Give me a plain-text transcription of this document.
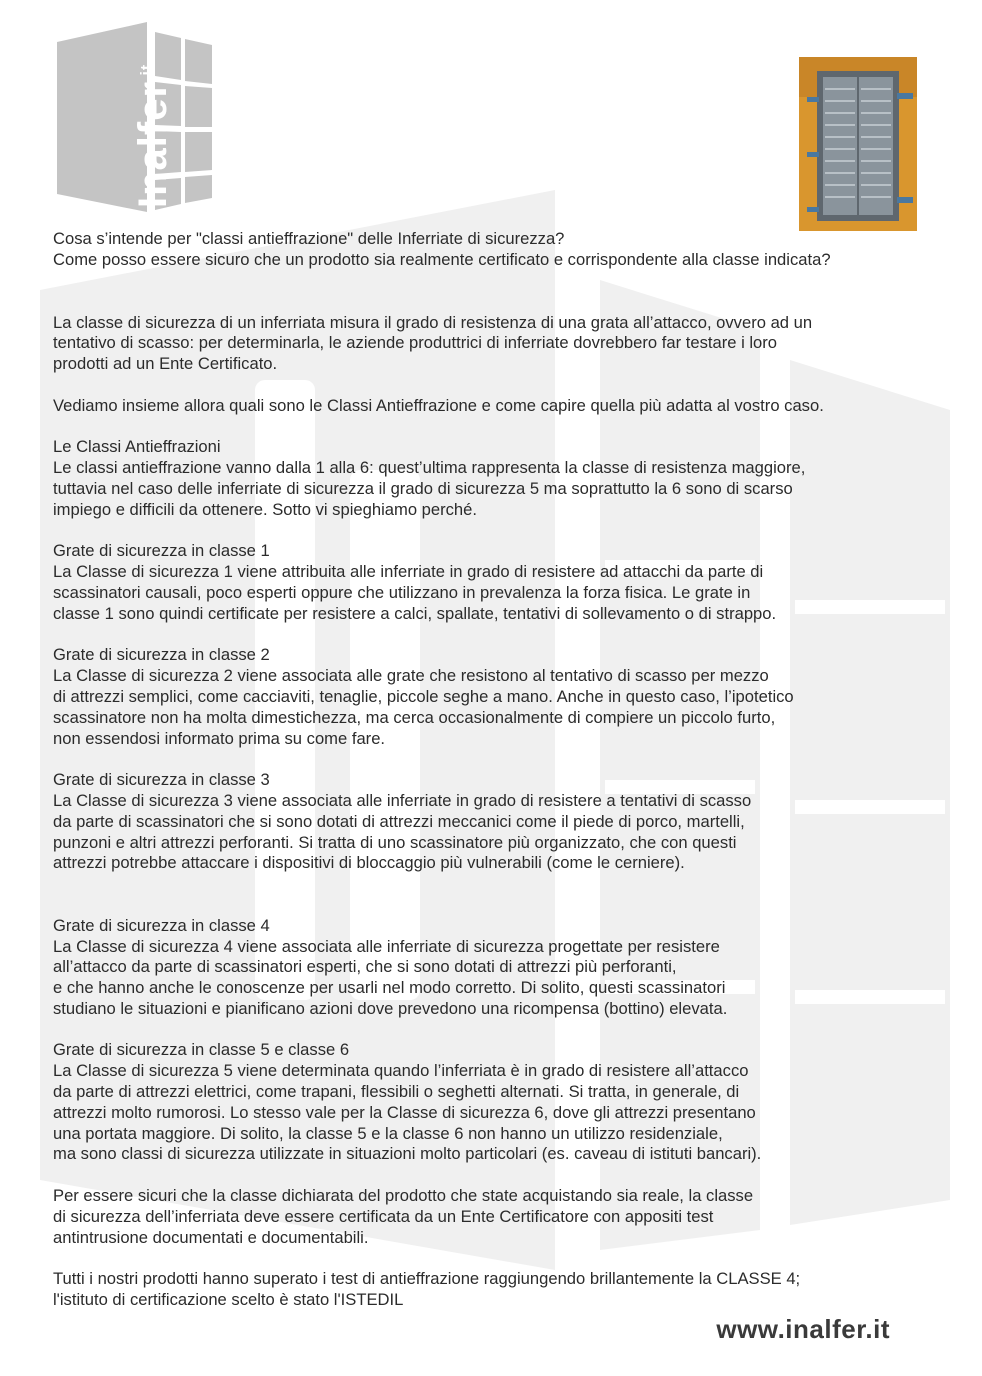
Inalfer$^{.it}$

Cosa s’intende per "classi antieffrazione" delle Inferriate di sicurezza?
Come posso essere sicuro che un prodotto sia realmente certificato e corrispondente alla classe indicata?

La classe di sicurezza di un inferriata misura il grado di resistenza di una grata all’attacco, ovvero ad un
tentativo di scasso: per determinarla, le aziende produttrici di inferriate dovrebbero far testare i loro
prodotti ad un Ente Certificato.

Vediamo insieme allora quali sono le Classi Antieffrazione e come capire quella più adatta al vostro caso.

Le Classi Antieffrazioni
Le classi antieffrazione vanno dalla 1 alla 6: quest’ultima rappresenta la classe di resistenza maggiore,
tuttavia nel caso delle inferriate di sicurezza il grado di sicurezza 5 ma soprattutto la 6 sono di scarso
impiego e difficili da ottenere. Sotto vi spieghiamo perché.

Grate di sicurezza in classe 1
La Classe di sicurezza 1 viene attribuita alle inferriate in grado di resistere ad attacchi da parte di
scassinatori causali, poco esperti oppure che utilizzano in prevalenza la forza fisica. Le grate in
classe 1 sono quindi certificate per resistere a calci, spallate, tentativi di sollevamento o di strappo.

Grate di sicurezza in classe 2
La Classe di sicurezza 2 viene associata alle grate che resistono al tentativo di scasso per mezzo
di attrezzi semplici, come cacciaviti, tenaglie, piccole seghe a mano. Anche in questo caso, l’ipotetico
scassinatore non ha molta dimestichezza, ma cerca occasionalmente di compiere un piccolo furto,
non essendosi informato prima su come fare.

Grate di sicurezza in classe 3
La Classe di sicurezza 3 viene associata alle inferriate in grado di resistere a tentativi di scasso
da parte di scassinatori che si sono dotati di attrezzi meccanici come il piede di porco, martelli,
punzoni e altri attrezzi perforanti. Si tratta di uno scassinatore più organizzato, che con questi
attrezzi potrebbe attaccare i dispositivi di bloccaggio più vulnerabili (come le cerniere).

Grate di sicurezza in classe 4
La Classe di sicurezza 4 viene associata alle inferriate di sicurezza progettate per resistere
all’attacco da parte di scassinatori esperti, che si sono dotati di attrezzi più perforanti,
e che hanno anche le conoscenze per usarli nel modo corretto. Di solito, questi scassinatori
studiano le situazioni e pianificano azioni dove prevedono una ricompensa (bottino) elevata.

Grate di sicurezza in classe 5 e classe 6
La Classe di sicurezza 5 viene determinata quando l’inferriata è in grado di resistere all’attacco
da parte di attrezzi elettrici, come trapani, flessibili o seghetti alternati. Si tratta, in generale, di
attrezzi molto rumorosi. Lo stesso vale per la Classe di sicurezza 6, dove gli attrezzi presentano
una portata maggiore. Di solito, la classe 5 e la classe 6 non hanno un utilizzo residenziale,
ma sono classi di sicurezza utilizzate in situazioni molto particolari (es. caveau di istituti bancari).

Per essere sicuri che la classe dichiarata del prodotto che state acquistando sia reale, la classe
di sicurezza dell’inferriata deve essere certificata da un Ente Certificatore con appositi test
antintrusione documentati e documentabili.

Tutti i nostri prodotti hanno superato i test di antieffrazione raggiungendo brillantemente la CLASSE 4;
l'istituto di certificazione scelto è stato l'ISTEDIL

www.inalfer.it
